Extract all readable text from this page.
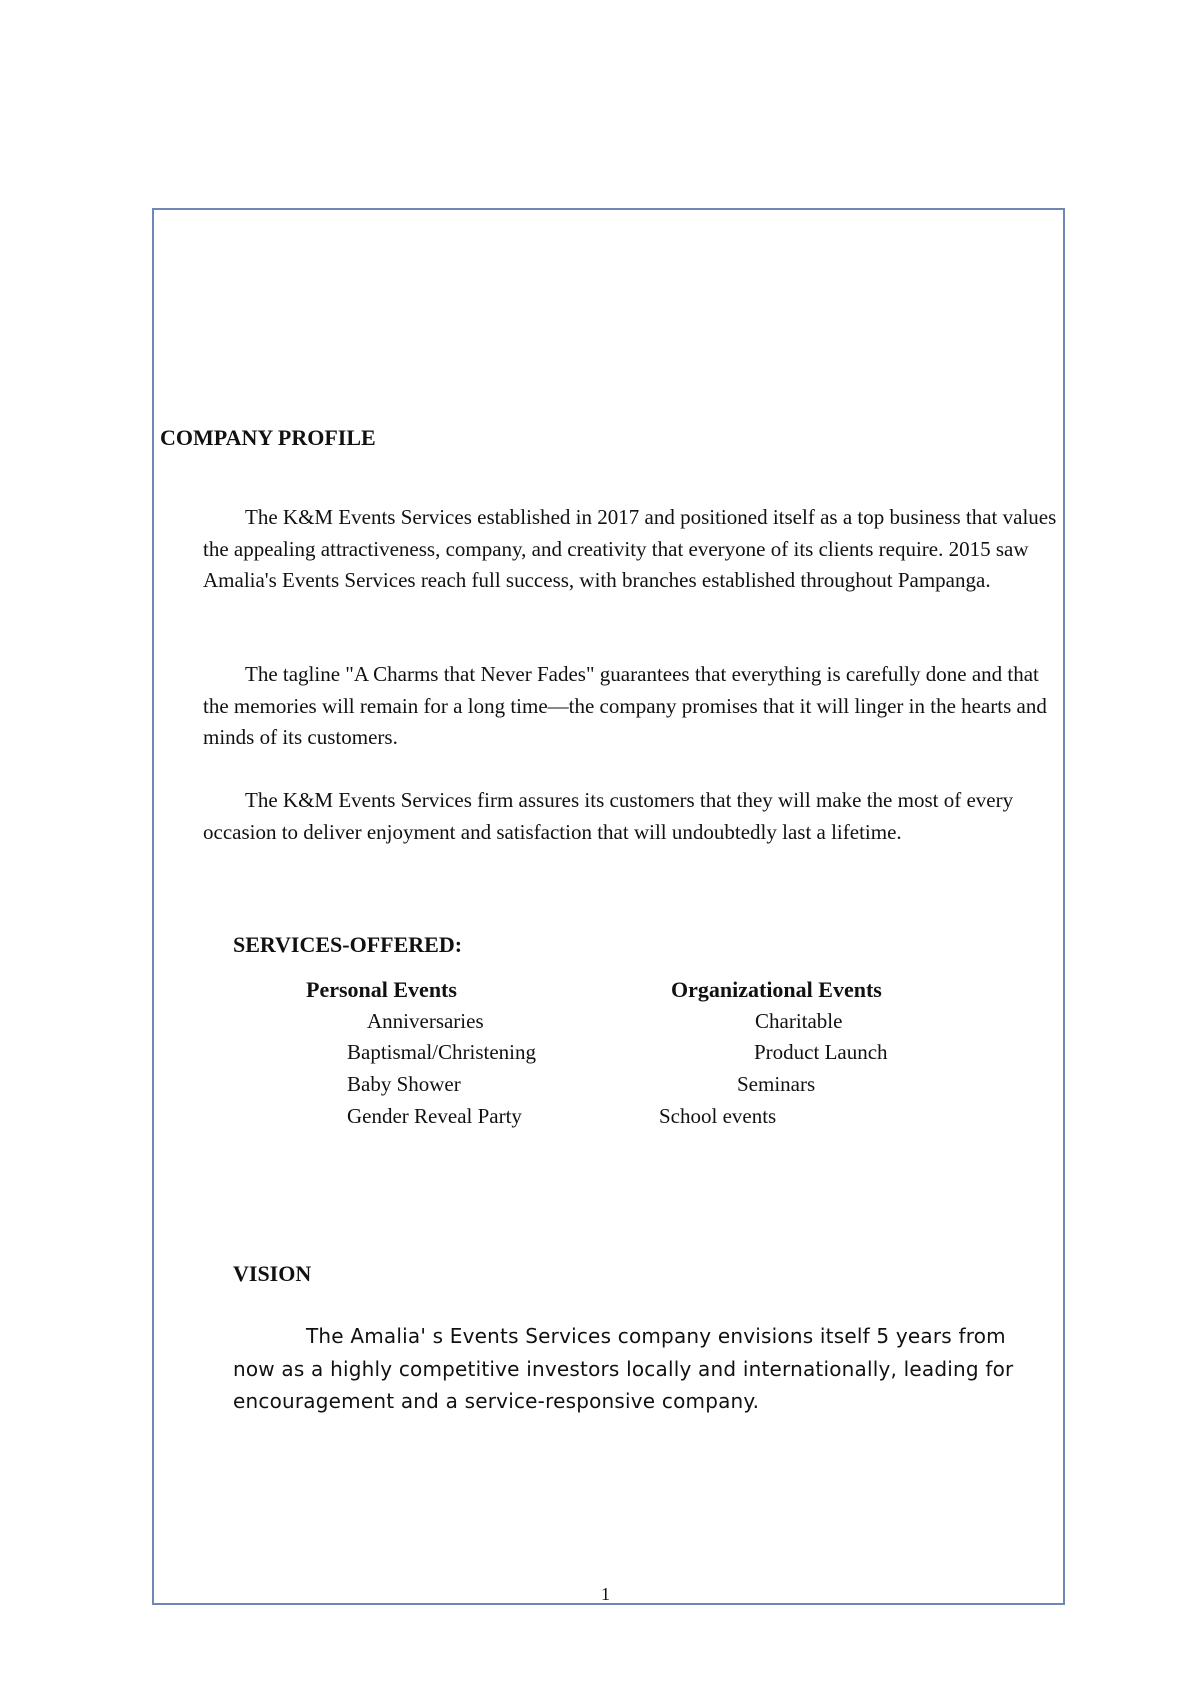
COMPANY PROFILE
The K&M Events Services established in 2017 and positioned itself as a top business that values the appealing attractiveness, company, and creativity that everyone of its clients require. 2015 saw Amalia's Events Services reach full success, with branches established throughout Pampanga.
The tagline "A Charms that Never Fades" guarantees that everything is carefully done and that the memories will remain for a long time—the company promises that it will linger in the hearts and minds of its customers.
The K&M Events Services firm assures its customers that they will make the most of every occasion to deliver enjoyment and satisfaction that will undoubtedly last a lifetime.
SERVICES-OFFERED:
Personal Events	Organizational Events
Anniversaries
Baptismal/Christening
Baby Shower
Gender Reveal Party
Charitable
Product Launch
Seminars
School events
VISION
The Amalia' s Events Services company envisions itself 5 years from now as a highly competitive investors locally and internationally, leading for encouragement and a service-responsive company.
1
